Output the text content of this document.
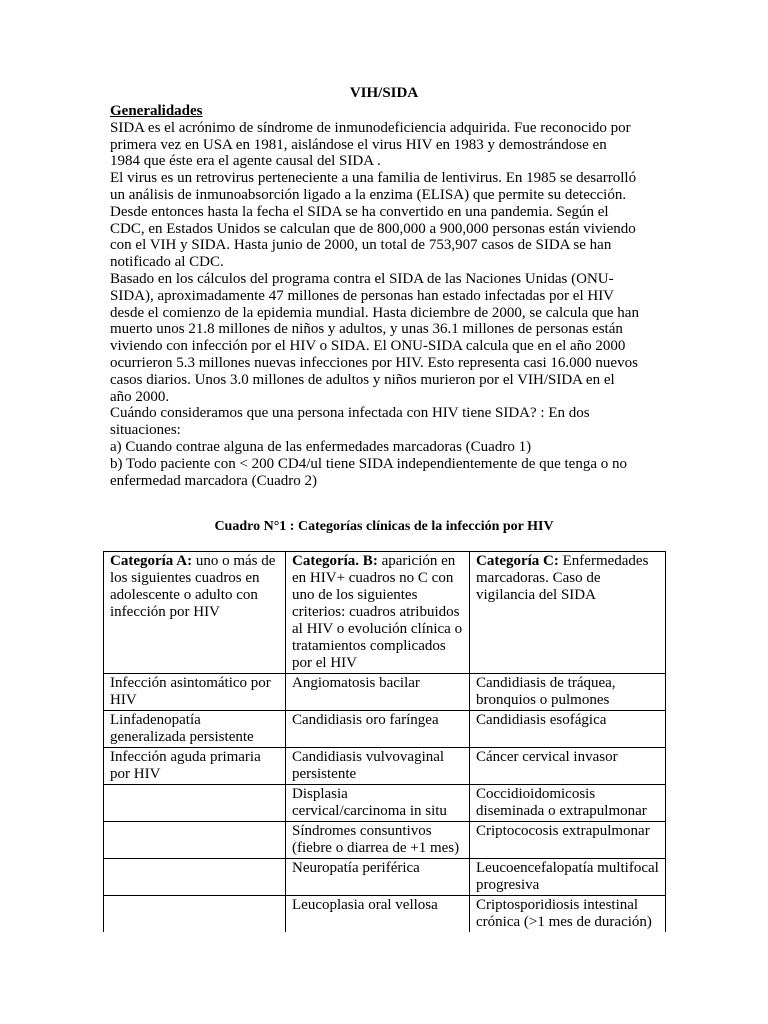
VIH/SIDA
Generalidades

SIDA es el acrónimo de síndrome de inmunodeficiencia adquirida. Fue reconocido por primera vez en USA en 1981, aislándose el virus HIV en 1983 y demostrándose en 1984 que éste era el agente causal del SIDA .

El virus es un retrovirus perteneciente a una familia de lentivirus. En 1985 se desarrolló un análisis de inmunoabsorción ligado a la enzima (ELISA) que permite su detección.

Desde entonces hasta la fecha el SIDA se ha convertido en una pandemia. Según el CDC, en Estados Unidos se calculan que de 800,000 a 900,000 personas están viviendo con el VIH y SIDA. Hasta junio de 2000, un total de 753,907 casos de SIDA se han notificado al CDC.

Basado en los cálculos del programa contra el SIDA de las Naciones Unidas (ONU-SIDA), aproximadamente 47 millones de personas han estado infectadas por el HIV desde el comienzo de la epidemia mundial. Hasta diciembre de 2000, se calcula que han muerto unos 21.8 millones de niños y adultos, y unas 36.1 millones de personas están viviendo con infección por el HIV o SIDA. El ONU-SIDA calcula que en el año 2000 ocurrieron 5.3 millones nuevas infecciones por HIV. Esto representa casi 16.000 nuevos casos diarios. Unos 3.0 millones de adultos y niños murieron por el VIH/SIDA en el año 2000.

Cuándo consideramos que una persona infectada con HIV tiene SIDA? : En dos situaciones:

a) Cuando contrae alguna de las enfermedades marcadoras (Cuadro 1)

b) Todo paciente con < 200 CD4/ul tiene SIDA independientemente de que tenga o no enfermedad marcadora (Cuadro 2)

Cuadro N°1 : Categorías clínicas de la infección por HIV
Categoría A: uno o más de los siguientes cuadros en adolescente o adulto con infección por HIV	Categoría. B: aparición en en HIV+ cuadros no C con uno de los siguientes criterios: cuadros atribuidos al HIV o evolución clínica o tratamientos complicados por el HIV	Categoría C: Enfermedades marcadoras. Caso de vigilancia del SIDA
Infección asintomático por HIV	Angiomatosis bacilar	Candidiasis de tráquea, bronquios o pulmones
Linfadenopatía generalizada persistente	Candidiasis oro faríngea	Candidiasis esofágica
Infección aguda primaria por HIV	Candidiasis vulvovaginal persistente	Cáncer cervical invasor
	Displasia cervical/carcinoma in situ	Coccidioidomicosis diseminada o extrapulmonar
	Síndromes consuntivos (fiebre o diarrea de +1 mes)	Criptococosis extrapulmonar
	Neuropatía periférica	Leucoencefalopatía multifocal progresiva
	Leucoplasia oral vellosa	Criptosporidiosis intestinal crónica (>1 mes de duración)
